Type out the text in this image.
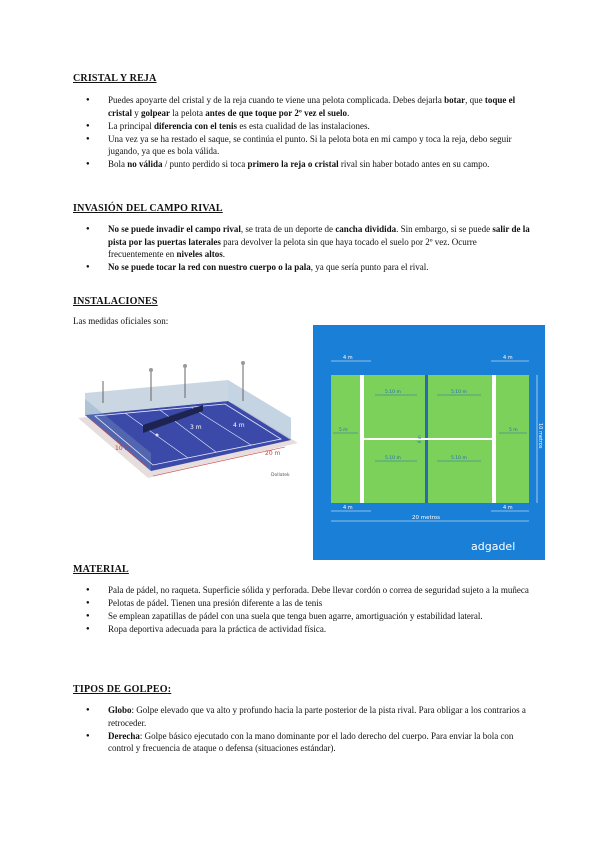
CRISTAL Y REJA
● Puedes apoyarte del cristal y de la reja cuando te viene una pelota complicada. Debes dejarla botar, que toque el cristal y golpear la pelota antes de que toque por 2º vez el suelo.
● La principal diferencia con el tenis es esta cualidad de las instalaciones.
● Una vez ya se ha restado el saque, se continúa el punto. Si la pelota bota en mi campo y toca la reja, debo seguir jugando, ya que es bola válida.
● Bola no válida / punto perdido si toca primero la reja o cristal rival sin haber botado antes en su campo.
INVASIÓN DEL CAMPO RIVAL
● No se puede invadir el campo rival, se trata de un deporte de cancha dividida. Sin embargo, si se puede salir de la pista por las puertas laterales para devolver la pelota sin que haya tocado el suelo por 2º vez. Ocurre frecuentemente en niveles altos.
● No se puede tocar la red con nuestro cuerpo o la pala, ya que sería punto para el rival.
INSTALACIONES
Las medidas oficiales son:
10 m
3 m	4 m
20 m
Dollatek
4 m	4 m
5.10 m	5.10 m
5.10 m	5.10 m
5 m	5 m
6 m	10 metros
4 m	4 m
20 metros
adgadel
MATERIAL
● Pala de pádel, no raqueta. Superficie sólida y perforada. Debe llevar cordón o correa de seguridad sujeto a la muñeca
● Pelotas de pádel. Tienen una presión diferente a las de tenis
● Se emplean zapatillas de pádel con una suela que tenga buen agarre, amortiguación y estabilidad lateral.
● Ropa deportiva adecuada para la práctica de actividad física.
TIPOS DE GOLPEO:
● Globo: Golpe elevado que va alto y profundo hacia la parte posterior de la pista rival. Para obligar a los contrarios a retroceder.
● Derecha: Golpe básico ejecutado con la mano dominante por el lado derecho del cuerpo. Para enviar la bola con control y frecuencia de ataque o defensa (situaciones estándar).
